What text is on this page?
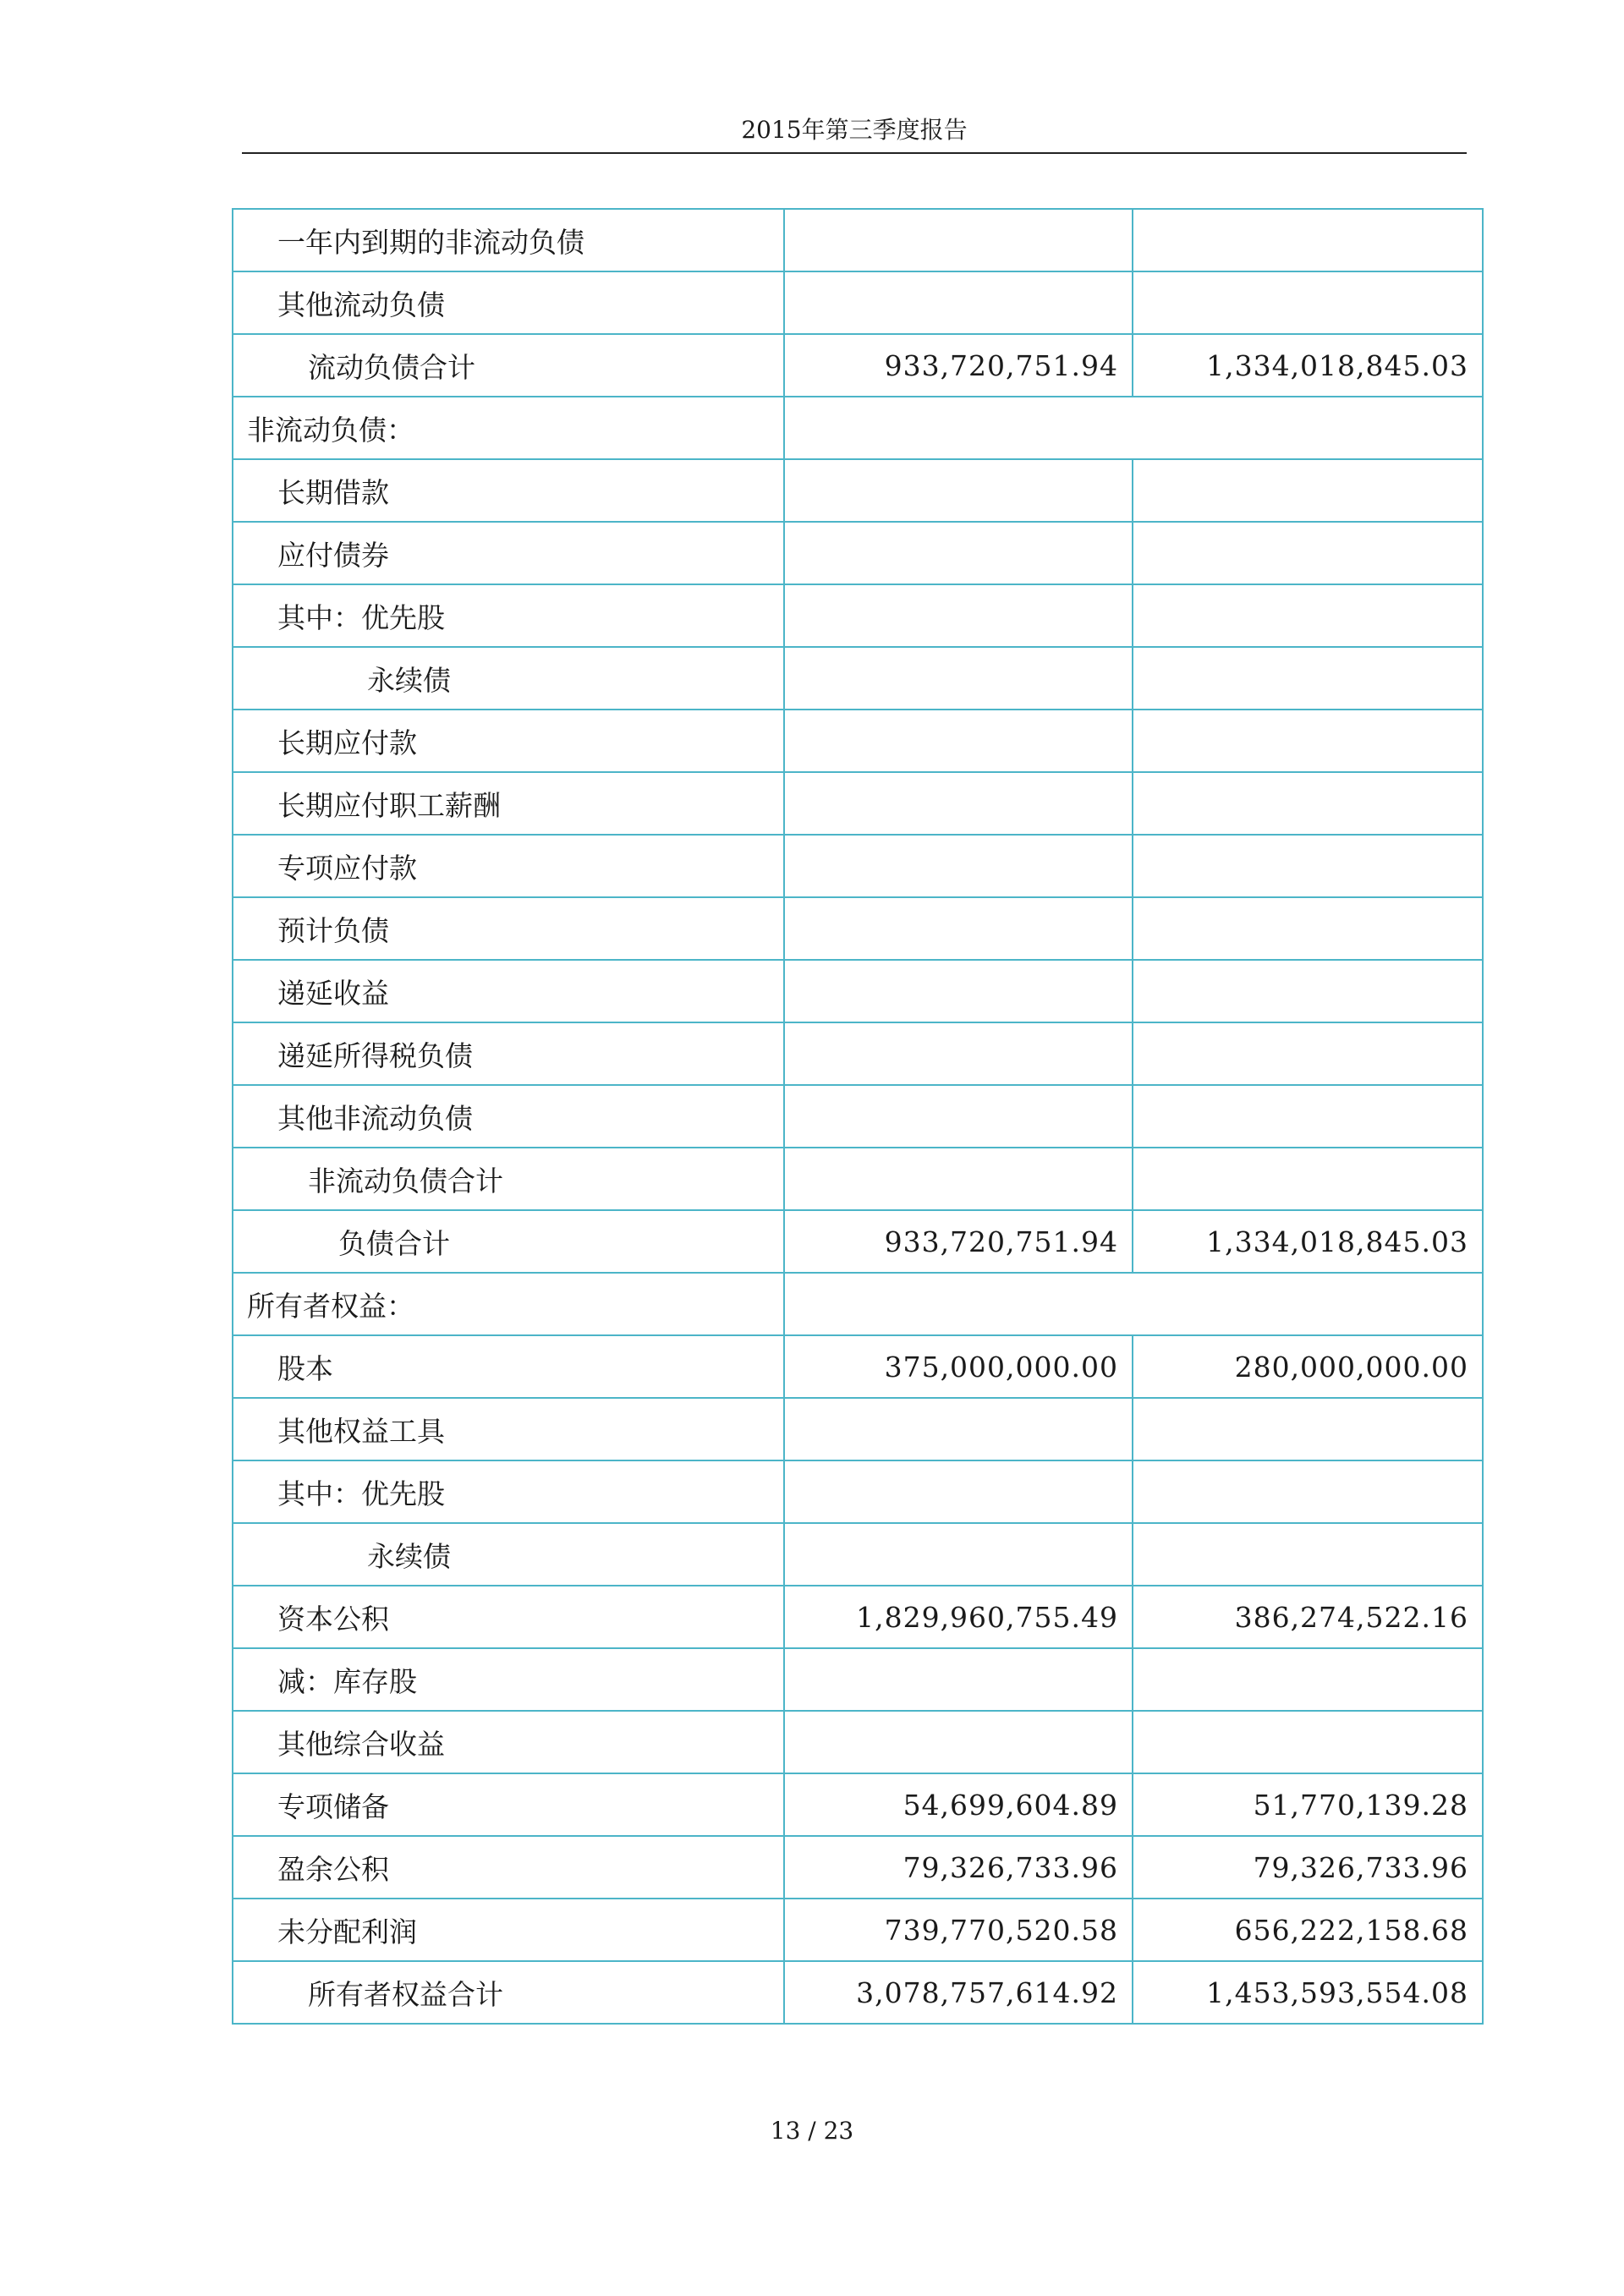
2015年第三季度报告
一年内到期的非流动负债		
其他流动负债		
流动负债合计	933,720,751.94	1,334,018,845.03
非流动负债：		
长期借款		
应付债券		
其中：优先股		
永续债		
长期应付款		
长期应付职工薪酬		
专项应付款		
预计负债		
递延收益		
递延所得税负债		
其他非流动负债		
非流动负债合计		
负债合计	933,720,751.94	1,334,018,845.03
所有者权益：		
股本	375,000,000.00	280,000,000.00
其他权益工具		
其中：优先股		
永续债		
资本公积	1,829,960,755.49	386,274,522.16
减：库存股		
其他综合收益		
专项储备	54,699,604.89	51,770,139.28
盈余公积	79,326,733.96	79,326,733.96
未分配利润	739,770,520.58	656,222,158.68
所有者权益合计	3,078,757,614.92	1,453,593,554.08
13 / 23
